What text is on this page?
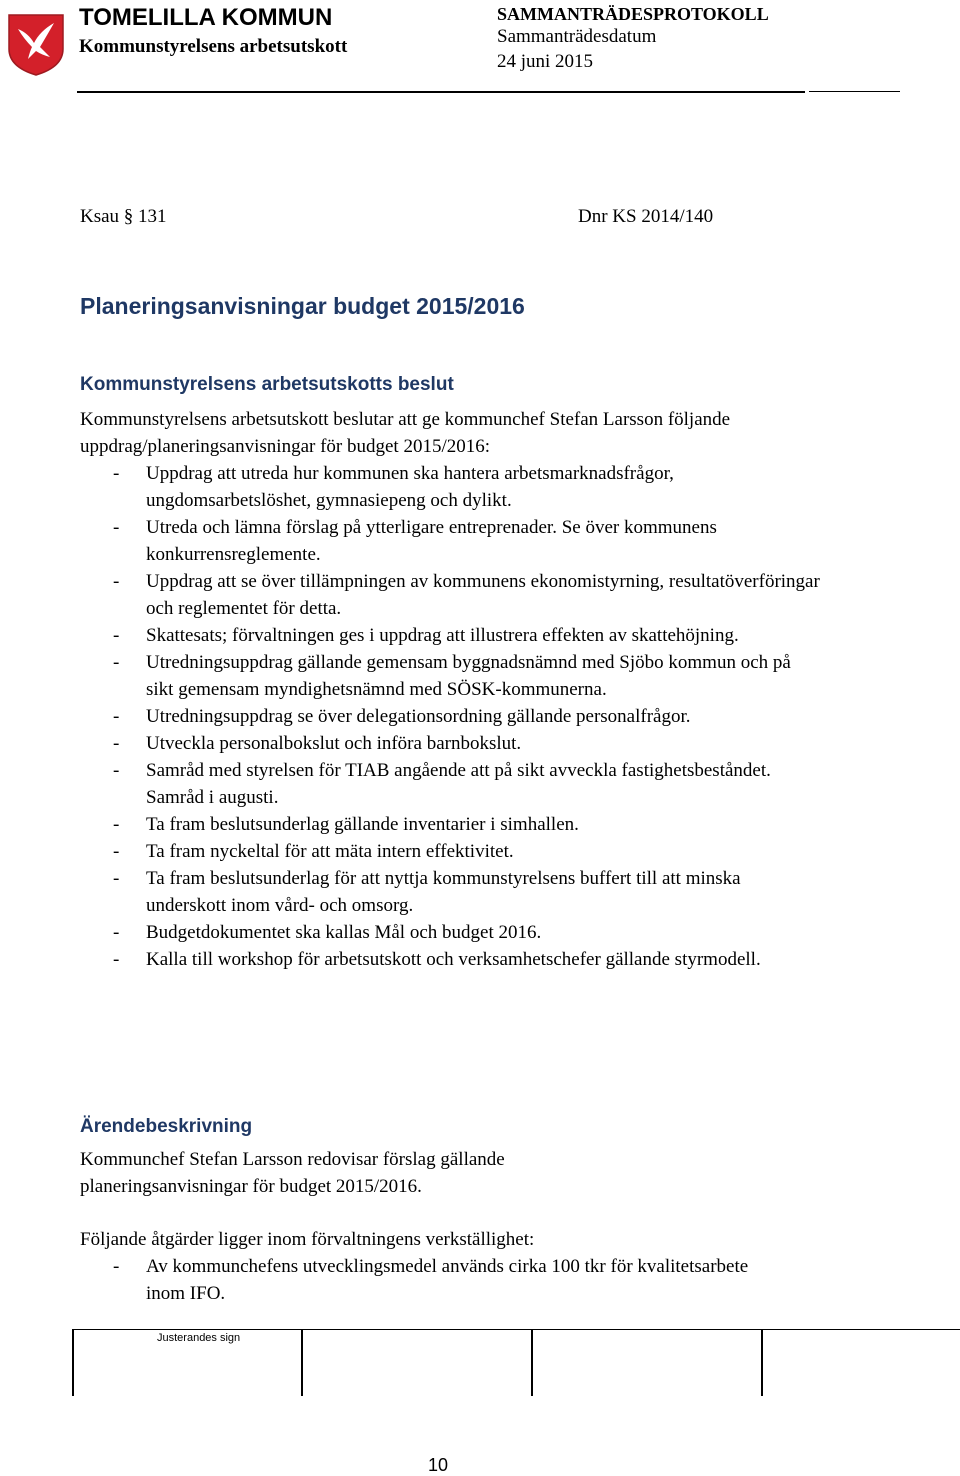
TOMELILLA KOMMUN
Kommunstyrelsens arbetsutskott
SAMMANTRÄDESPROTOKOLL
Sammanträdesdatum
24 juni 2015
Ksau § 131	Dnr KS 2014/140
Planeringsanvisningar budget 2015/2016
Kommunstyrelsens arbetsutskotts beslut

Kommunstyrelsens arbetsutskott beslutar att ge kommunchef Stefan Larsson följande uppdrag/planeringsanvisningar för budget 2015/2016:

- Uppdrag att utreda hur kommunen ska hantera arbetsmarknadsfrågor, ungdomsarbetslöshet, gymnasiepeng och dylikt.
- Utreda och lämna förslag på ytterligare entreprenader. Se över kommunens konkurrensreglemente.
- Uppdrag att se över tillämpningen av kommunens ekonomistyrning, resultatöverföringar och reglementet för detta.
- Skattesats; förvaltningen ges i uppdrag att illustrera effekten av skattehöjning.
- Utredningsuppdrag gällande gemensam byggnadsnämnd med Sjöbo kommun och på sikt gemensam myndighetsnämnd med SÖSK-kommunerna.
- Utredningsuppdrag se över delegationsordning gällande personalfrågor.
- Utveckla personalbokslut och införa barnbokslut.
- Samråd med styrelsen för TIAB angående att på sikt avveckla fastighetsbeståndet. Samråd i augusti.
- Ta fram beslutsunderlag gällande inventarier i simhallen.
- Ta fram nyckeltal för att mäta intern effektivitet.
- Ta fram beslutsunderlag för att nyttja kommunstyrelsens buffert till att minska underskott inom vård- och omsorg.
- Budgetdokumentet ska kallas Mål och budget 2016.
- Kalla till workshop för arbetsutskott och verksamhetschefer gällande styrmodell.
Ärendebeskrivning
Kommunchef Stefan Larsson redovisar förslag gällande planeringsanvisningar för budget 2015/2016.

Följande åtgärder ligger inom förvaltningens verkställighet:

- Av kommunchefens utvecklingsmedel används cirka 100 tkr för kvalitetsarbete inom IFO.
Justerandes sign
10
